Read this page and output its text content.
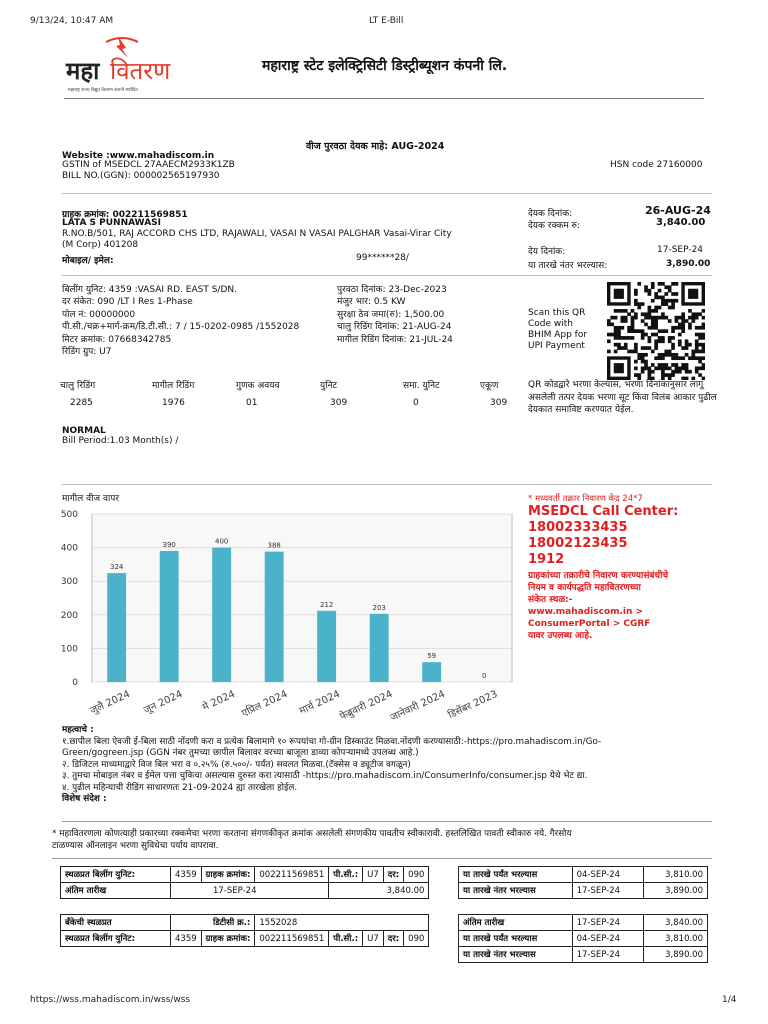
9/13/24, 10:47 AM	LT E-Bill
महा वितरण
महाराष्ट्र राज्य विद्युत वितरण कंपनी मर्यादित
महाराष्ट्र स्टेट इलेक्ट्रिसिटी डिस्ट्रीब्यूशन कंपनी लि.
वीज पुरवठा देयक माहे: AUG-2024
Website :www.mahadiscom.in
GSTIN of MSEDCL 27AAECM2933K1ZB
BILL NO.(GGN): 000002565197930
HSN code 27160000
ग्राहक क्रमांक: 002211569851
LATA S PUNNAWASI
R.NO.B/501, RAJ ACCORD CHS LTD, RAJAWALI, VASAI N VASAI PALGHAR Vasai-Virar City
(M Corp) 401208
मोबाइल/ इमेल:	99******28/
देयक दिनांक:	26-AUG-24
देयक रक्कम रु:	3,840.00
देय दिनांक:	17-SEP-24
या तारखे नंतर भरल्यास:	3,890.00
बिलींग युनिट: 4359 :VASAI RD. EAST S/DN.
दर संकेत: 090 /LT I Res 1-Phase
पोल नं: 00000000
पी.सी./चक्र+मार्ग-क्रम/डि.टी.सी.: 7 / 15-0202-0985 /1552028
मिटर क्रमांक: 07668342785
रिडिंग ग्रुप: U7
पुरवठा दिनांक: 23-Dec-2023
मंजुर भार: 0.5 KW
सुरक्षा ठेव जमा(रु): 1,500.00
चालु रिडिंग दिनांक: 21-AUG-24
मागील रिडिंग दिनांक: 21-JUL-24
Scan this QR Code with BHIM App for UPI Payment
QR कोडद्वारे भरणा केल्यास, भरणा दिनांकानुसार लागू असलेली तत्पर देयक भरणा सूट किंवा विलंब आकार पुढील देयकात समाविष्ट करण्यात येईल.
चालु रिडिंग	मागील रिडिंग	गुणक अवयव	युनिट	समा. युनिट	एकूण
2285	1976	01	309	0	309
NORMAL
Bill Period:1.03 Month(s) /
मागील वीज वापर
0
100
200
300
400
500
324
जुलै 2024
390
जून 2024
400
मे 2024
388
एप्रिल 2024
212
मार्च 2024
203
फेब्रुवारी 2024
59
जानेवारी 2024
0
डिसेंबर 2023
* मध्यवर्ती तक्रार निवारण केंद्र 24*7
MSEDCL Call Center:
18002333435
18002123435
1912
ग्राहकांच्या तक्रारीचे निवारण करण्यासंबंधीचे
नियम व कार्यपद्धति महावितरणच्या
संकेत स्थळ:-
www.mahadiscom.in >
ConsumerPortal > CGRF
यावर उपलब्ध आहे.
महत्वाचे :
१.छापील बिला ऐवजी ई-बिला साठी नोंदणी करा व प्रत्येक बिलामागे १० रूपयांचा गो-ग्रीन डिस्काउंट मिळवा.नोंदणी करण्यासाठी:-https://pro.mahadiscom.in/Go-
Green/gogreen.jsp (GGN नंबर तुमच्या छापील बिलावर वरच्या बाजूला डाव्या कोपऱ्यामध्ये उपलब्ध आहे.)
२. डिजिटल माध्यमाद्वारे विज बिल भरा व ०.२५% (रु.५००/- पर्यंत) सवलत मिळवा.(टॅक्सेस व ड्यूटीज वगळून)
३. तुमचा मोबाइल नंबर व ईमेल पत्ता चुकिचा असल्यास दुरुस्त करा त्यासाठी -https://pro.mahadiscom.in/ConsumerInfo/consumer.jsp येथे भेट द्या.
४. पुढील महिन्याची रीडिंग साधारणतः 21-09-2024 ह्या तारखेला होईल.
विशेष संदेश :
* महावितरणला कोणत्याही प्रकारच्या रक्कमेचा भरणा करताना संगणकीकृत क्रमांक असलेली संगणकीय पावतीच स्वीकारावी. हस्तलिखित पावती स्वीकारु नये. गैरसोय
टाळण्यास ऑनलाइन भरणा सुविधेचा पर्याय वापरावा.
स्थळप्रत बिलींग युनिट:	4359	ग्राहक क्रमांक:	002211569851	पी.सी.:	U7	दर:	090
अंतिम तारीख	17-SEP-24			3,840.00			
या तारखे पर्यंत भरल्यास	04-SEP-24	3,810.00
या तारखे नंतर भरल्यास	17-SEP-24	3,890.00
बॅंकेची स्थळप्रत	डिटीसी क्र.:		1552028				
स्थळप्रत बिलींग युनिट:	4359	ग्राहक क्रमांक:	002211569851	पी.सी.:	U7	दर:	090
अंतिम तारीख	17-SEP-24	3,840.00
या तारखे पर्यंत भरल्यास	04-SEP-24	3,810.00
या तारखे नंतर भरल्यास	17-SEP-24	3,890.00
https://wss.mahadiscom.in/wss/wss	1/4
